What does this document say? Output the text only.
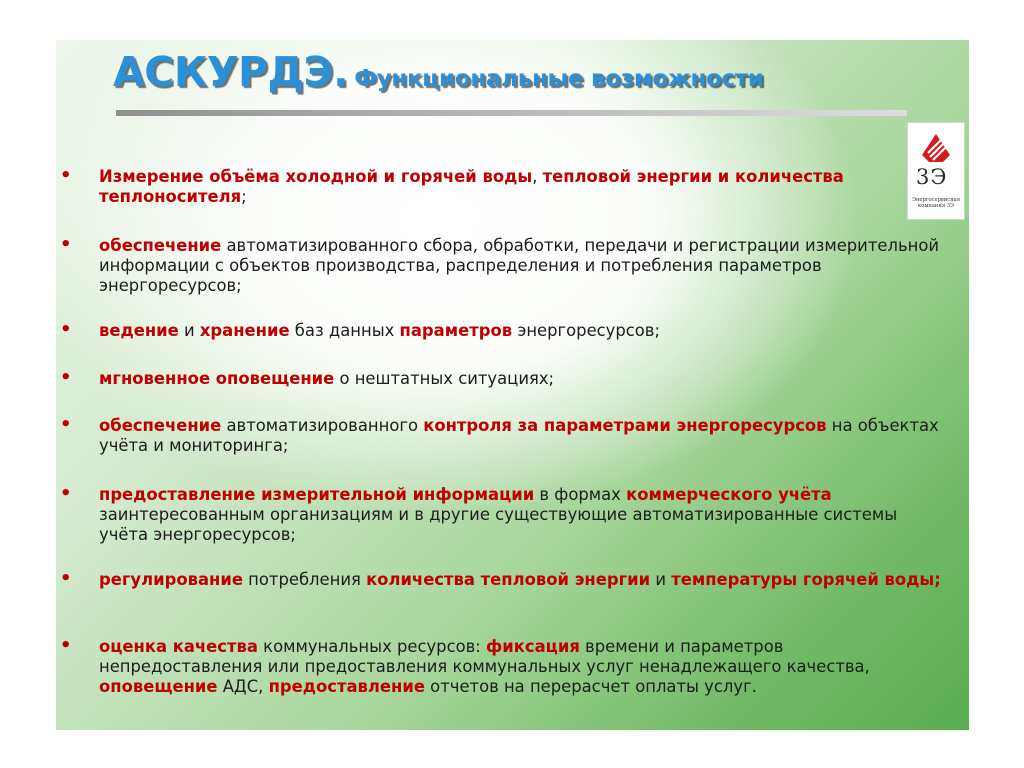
АСКУРДЭ. Функциональные возможности
3Э
Энергосервисная компания 3Э
• Измерение объёма холодной и горячей воды, тепловой энергии и количества теплоносителя;
• обеспечение автоматизированного сбора, обработки, передачи и регистрации измерительной информации с объектов производства, распределения и потребления параметров энергоресурсов;
• ведение и хранение баз данных параметров энергоресурсов;
• мгновенное оповещение о нештатных ситуациях;
• обеспечение автоматизированного контроля за параметрами энергоресурсов на объектах учёта и мониторинга;
• предоставление измерительной информации в формах коммерческого учёта заинтересованным организациям и в другие существующие автоматизированные системы учёта энергоресурсов;
• регулирование потребления количества тепловой энергии и температуры горячей воды;
• оценка качества коммунальных ресурсов: фиксация времени и параметров непредоставления или предоставления коммунальных услуг ненадлежащего качества, оповещение АДС, предоставление отчетов на перерасчет оплаты услуг.
